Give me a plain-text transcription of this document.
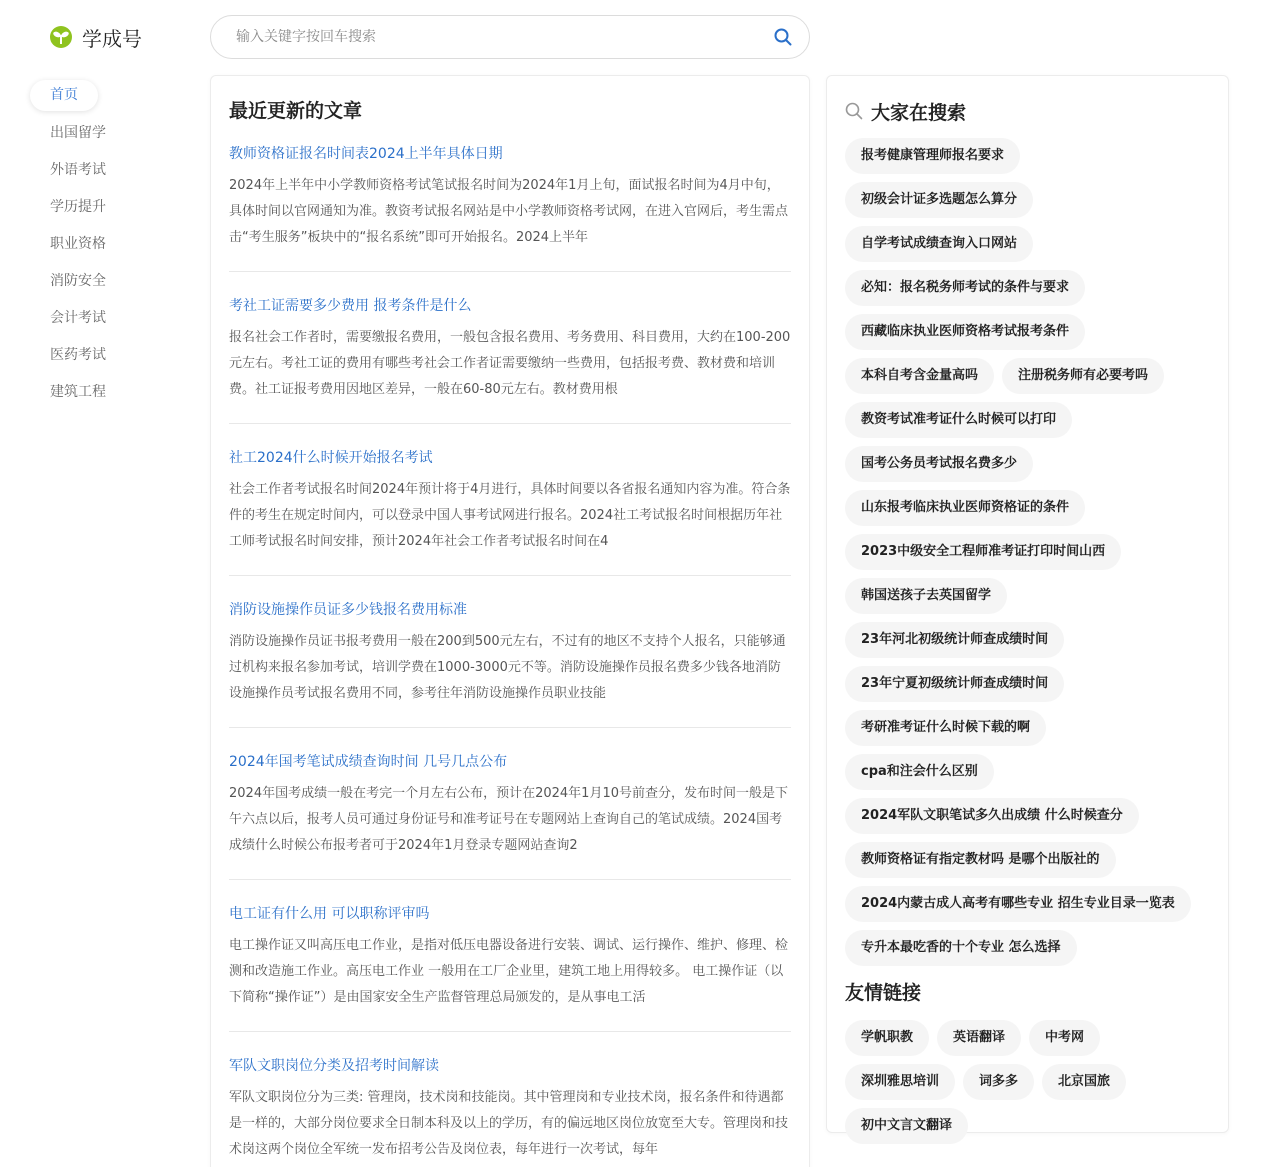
学成号
输入关键字按回车搜索
首页
出国留学
外语考试
学历提升
职业资格
消防安全
会计考试
医药考试
建筑工程
最近更新的文章
教师资格证报名时间表2024上半年具体日期

2024年上半年中小学教师资格考试笔试报名时间为2024年1月上旬，面试报名时间为4月中旬，具体时间以官网通知为准。教资考试报名网站是中小学教师资格考试网，在进入官网后，考生需点击“考生服务”板块中的“报名系统”即可开始报名。2024上半年

考社工证需要多少费用 报考条件是什么

报名社会工作者时，需要缴报名费用，一般包含报名费用、考务费用、科目费用，大约在100-200元左右。考社工证的费用有哪些考社会工作者证需要缴纳一些费用，包括报考费、教材费和培训费。社工证报考费用因地区差异，一般在60-80元左右。教材费用根

社工2024什么时候开始报名考试

社会工作者考试报名时间2024年预计将于4月进行，具体时间要以各省报名通知内容为准。符合条件的考生在规定时间内，可以登录中国人事考试网进行报名。2024社工考试报名时间根据历年社工师考试报名时间安排，预计2024年社会工作者考试报名时间在4

消防设施操作员证多少钱报名费用标准

消防设施操作员证书报考费用一般在200到500元左右，不过有的地区不支持个人报名，只能够通过机构来报名参加考试，培训学费在1000-3000元不等。消防设施操作员报名费多少钱各地消防设施操作员考试报名费用不同，参考往年消防设施操作员职业技能

2024年国考笔试成绩查询时间 几号几点公布

2024年国考成绩一般在考完一个月左右公布，预计在2024年1月10号前查分，发布时间一般是下午六点以后，报考人员可通过身份证号和准考证号在专题网站上查询自己的笔试成绩。2024国考成绩什么时候公布报考者可于2024年1月登录专题网站查询2

电工证有什么用 可以职称评审吗

电工操作证又叫高压电工作业，是指对低压电器设备进行安装、调试、运行操作、维护、修理、检测和改造施工作业。高压电工作业 一般用在工厂企业里，建筑工地上用得较多。 电工操作证（以下简称“操作证”）是由国家安全生产监督管理总局颁发的，是从事电工活

军队文职岗位分类及招考时间解读

军队文职岗位分为三类: 管理岗，技术岗和技能岗。其中管理岗和专业技术岗，报名条件和待遇都是一样的，大部分岗位要求全日制本科及以上的学历，有的偏远地区岗位放宽至大专。管理岗和技术岗这两个岗位全军统一发布招考公告及岗位表，每年进行一次考试，每年

大家在搜索
报考健康管理师报名要求
初级会计证多选题怎么算分
自学考试成绩查询入口网站
必知：报名税务师考试的条件与要求
西藏临床执业医师资格考试报考条件
本科自考含金量高吗	注册税务师有必要考吗
教资考试准考证什么时候可以打印
国考公务员考试报名费多少
山东报考临床执业医师资格证的条件
2023中级安全工程师准考证打印时间山西
韩国送孩子去英国留学
23年河北初级统计师查成绩时间
23年宁夏初级统计师查成绩时间
考研准考证什么时候下载的啊
cpa和注会什么区别
2024军队文职笔试多久出成绩 什么时候查分
教师资格证有指定教材吗 是哪个出版社的
2024内蒙古成人高考有哪些专业 招生专业目录一览表
专升本最吃香的十个专业 怎么选择
友情链接
学帆职教	英语翻译	中考网
深圳雅思培训	词多多	北京国旅
初中文言文翻译
